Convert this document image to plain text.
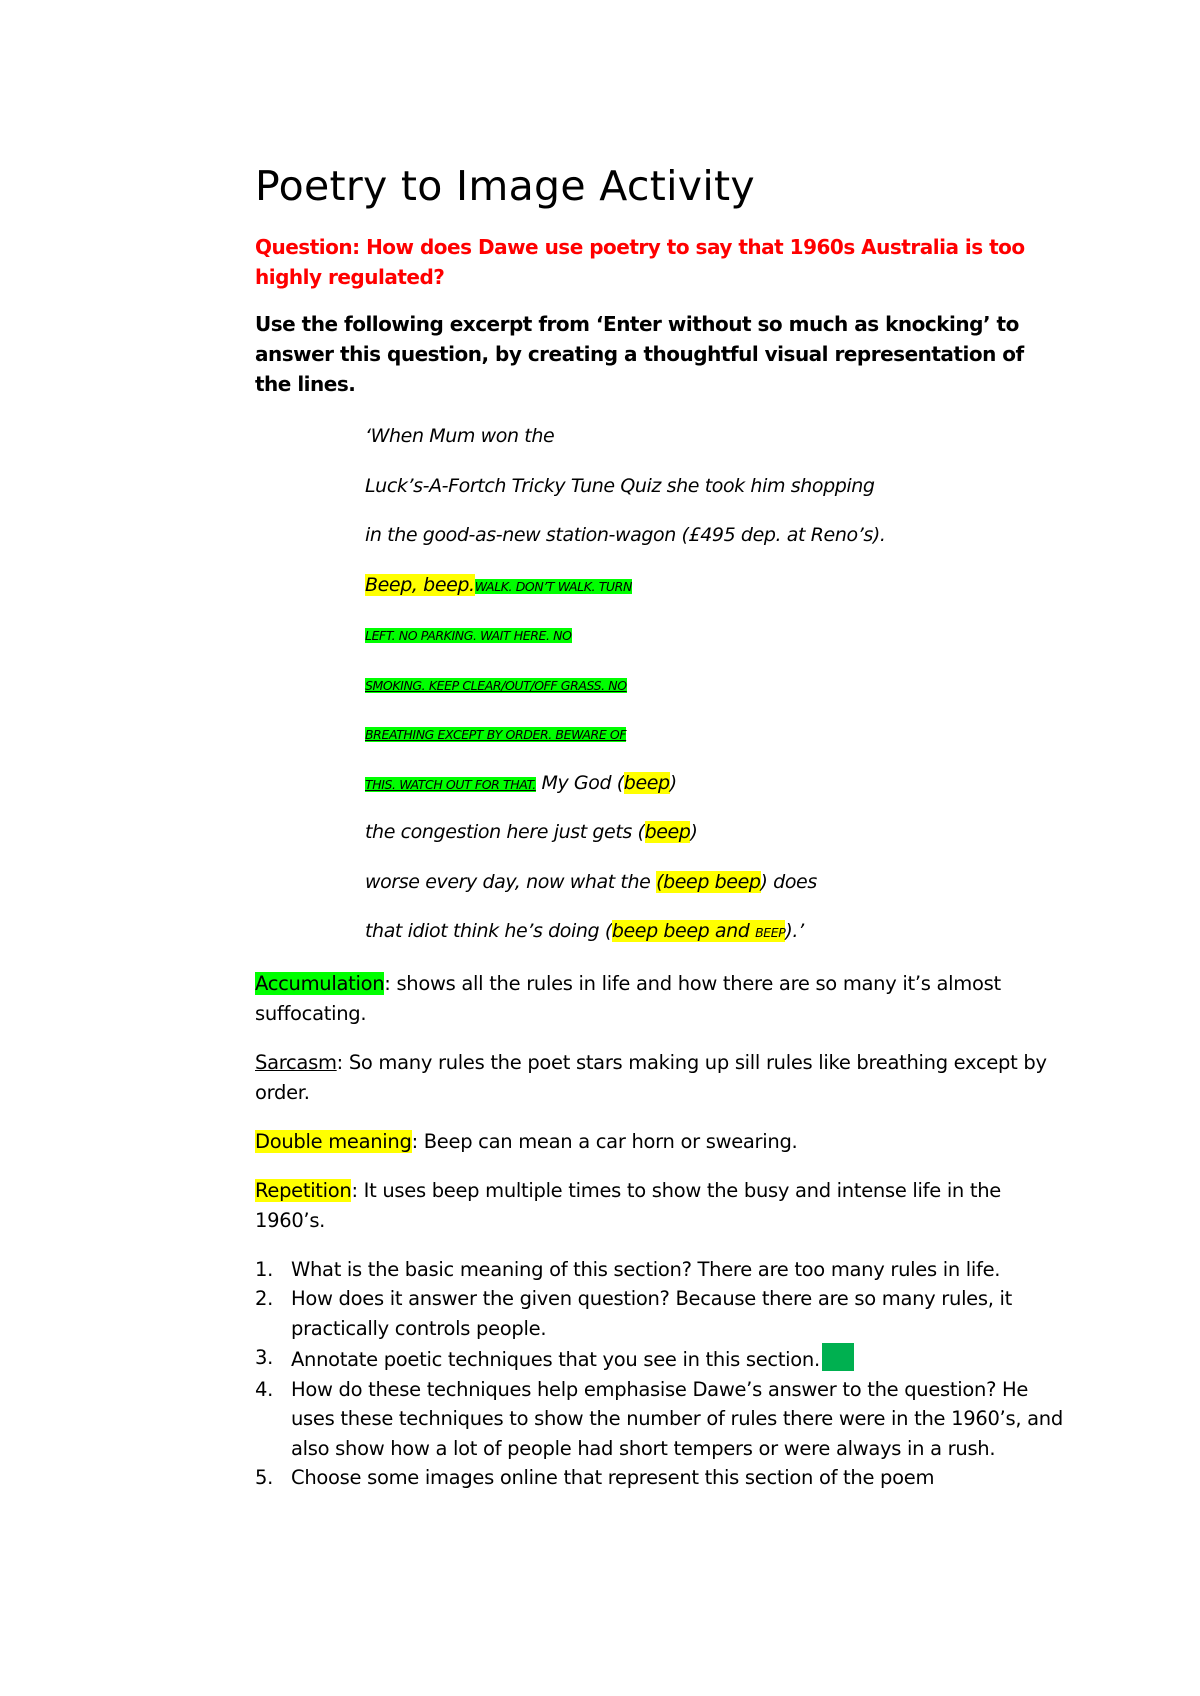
Poetry to Image Activity

Question: How does Dawe use poetry to say that 1960s Australia is too highly regulated?

Use the following excerpt from ‘Enter without so much as knocking’ to answer this question, by creating a thoughtful visual representation of the lines.

‘When Mum won the
Luck’s-A-Fortch Tricky Tune Quiz she took him shopping
in the good-as-new station-wagon (£495 dep. at Reno’s).
Beep, beep.WALK. DON’T WALK. TURN
LEFT. NO PARKING. WAIT HERE. NO
SMOKING. KEEP CLEAR/OUT/OFF GRASS. NO
BREATHING EXCEPT BY ORDER. BEWARE OF
THIS. WATCH OUT FOR THAT. My God (beep)
the congestion here just gets (beep)
worse every day, now what the (beep beep) does
that idiot think he’s doing (beep beep and BEEP).’

Accumulation: shows all the rules in life and how there are so many it’s almost suffocating.

Sarcasm: So many rules the poet stars making up sill rules like breathing except by order.

Double meaning: Beep can mean a car horn or swearing.

Repetition: It uses beep multiple times to show the busy and intense life in the 1960’s.

1. What is the basic meaning of this section? There are too many rules in life.
2. How does it answer the given question? Because there are so many rules, it practically controls people.
3. Annotate poetic techniques that you see in this section.
4. How do these techniques help emphasise Dawe’s answer to the question? He uses these techniques to show the number of rules there were in the 1960’s, and also show how a lot of people had short tempers or were always in a rush.
5. Choose some images online that represent this section of the poem
